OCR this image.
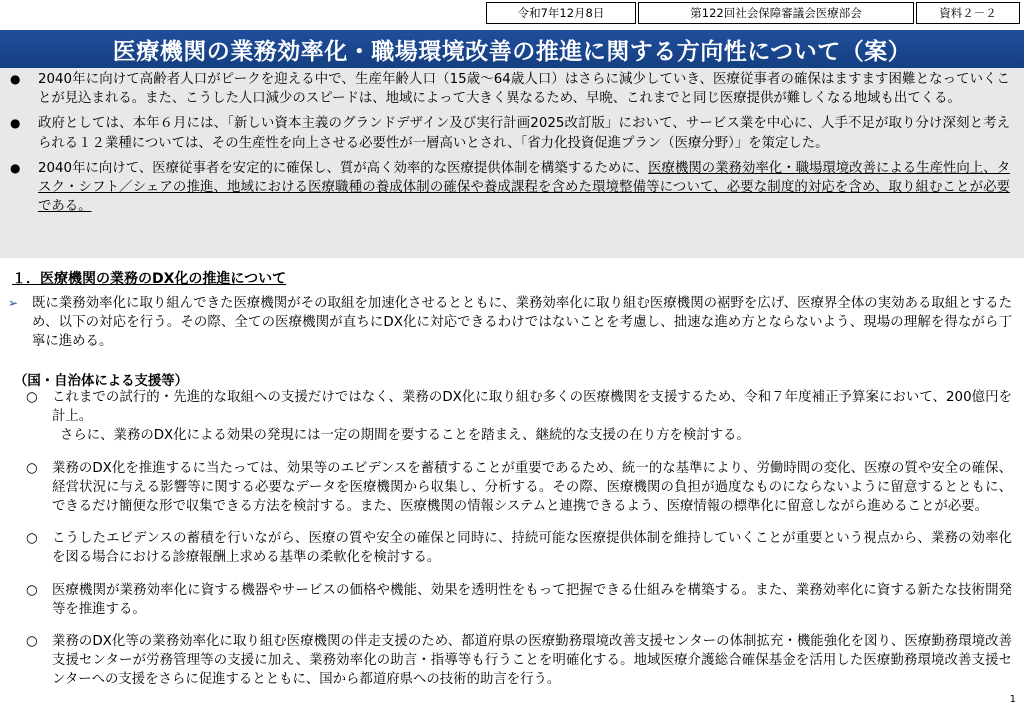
令和7年12月8日	第122回社会保障審議会医療部会	資料２－２
医療機関の業務効率化・職場環境改善の推進に関する方向性について（案）
●	2040年に向けて高齢者人口がピークを迎える中で、生産年齢人口（15歳～64歳人口）はさらに減少していき、医療従事者の確保はますます困難となっていくことが見込まれる。また、こうした人口減少のスピードは、地域によって大きく異なるため、早晩、これまでと同じ医療提供が難しくなる地域も出てくる。
●	政府としては、本年６月には、「新しい資本主義のグランドデザイン及び実行計画2025改訂版」において、サービス業を中心に、人手不足が取り分け深刻と考えられる１２業種については、その生産性を向上させる必要性が一層高いとされ、「省力化投資促進プラン（医療分野）」を策定した。
●	2040年に向けて、医療従事者を安定的に確保し、質が高く効率的な医療提供体制を構築するために、医療機関の業務効率化・職場環境改善による生産性向上、タスク・シフト／シェアの推進、地域における医療職種の養成体制の確保や養成課程を含めた環境整備等について、必要な制度的対応を含め、取り組むことが必要である。
１．医療機関の業務のDX化の推進について
➢	既に業務効率化に取り組んできた医療機関がその取組を加速化させるとともに、業務効率化に取り組む医療機関の裾野を広げ、医療界全体の実効ある取組とするため、以下の対応を行う。その際、全ての医療機関が直ちにDX化に対応できるわけではないことを考慮し、拙速な進め方とならないよう、現場の理解を得ながら丁寧に進める。
（国・自治体による支援等）
○	これまでの試行的・先進的な取組への支援だけではなく、業務のDX化に取り組む多くの医療機関を支援するため、令和７年度補正予算案において、200億円を計上。
さらに、業務のDX化による効果の発現には一定の期間を要することを踏まえ、継続的な支援の在り方を検討する。
○	業務のDX化を推進するに当たっては、効果等のエビデンスを蓄積することが重要であるため、統一的な基準により、労働時間の変化、医療の質や安全の確保、経営状況に与える影響等に関する必要なデータを医療機関から収集し、分析する。その際、医療機関の負担が過度なものにならないように留意するとともに、できるだけ簡便な形で収集できる方法を検討する。また、医療機関の情報システムと連携できるよう、医療情報の標準化に留意しながら進めることが必要。
○	こうしたエビデンスの蓄積を行いながら、医療の質や安全の確保と同時に、持続可能な医療提供体制を維持していくことが重要という視点から、業務の効率化を図る場合における診療報酬上求める基準の柔軟化を検討する。
○	医療機関が業務効率化に資する機器やサービスの価格や機能、効果を透明性をもって把握できる仕組みを構築する。また、業務効率化に資する新たな技術開発等を推進する。
○	業務のDX化等の業務効率化に取り組む医療機関の伴走支援のため、都道府県の医療勤務環境改善支援センターの体制拡充・機能強化を図り、医療勤務環境改善支援センターが労務管理等の支援に加え、業務効率化の助言・指導等も行うことを明確化する。地域医療介護総合確保基金を活用した医療勤務環境改善支援センターへの支援をさらに促進するとともに、国から都道府県への技術的助言を行う。
1
